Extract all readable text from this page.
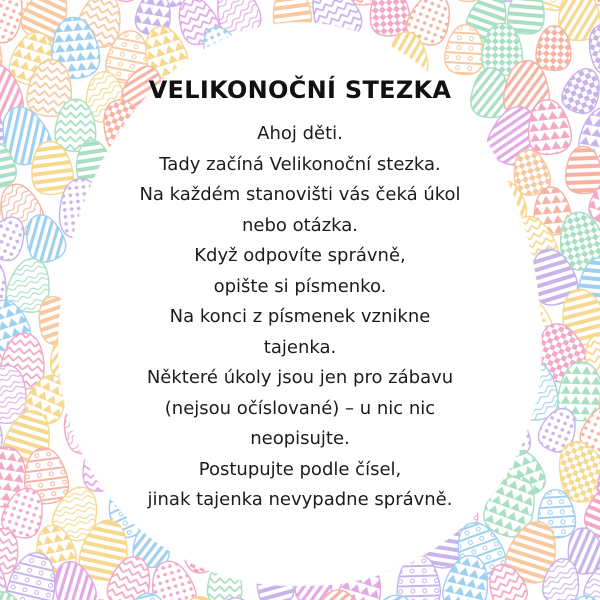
VELIKONOČNÍ STEZKA
Ahoj děti.
Tady začíná Velikonoční stezka.
Na každém stanovišti vás čeká úkol
nebo otázka.
Když odpovíte správně,
opište si písmenko.
Na konci z písmenek vznikne
tajenka.
Některé úkoly jsou jen pro zábavu
(nejsou očíslované) – u nic nic
neopisujte.
Postupujte podle čísel,
jinak tajenka nevypadne správně.
